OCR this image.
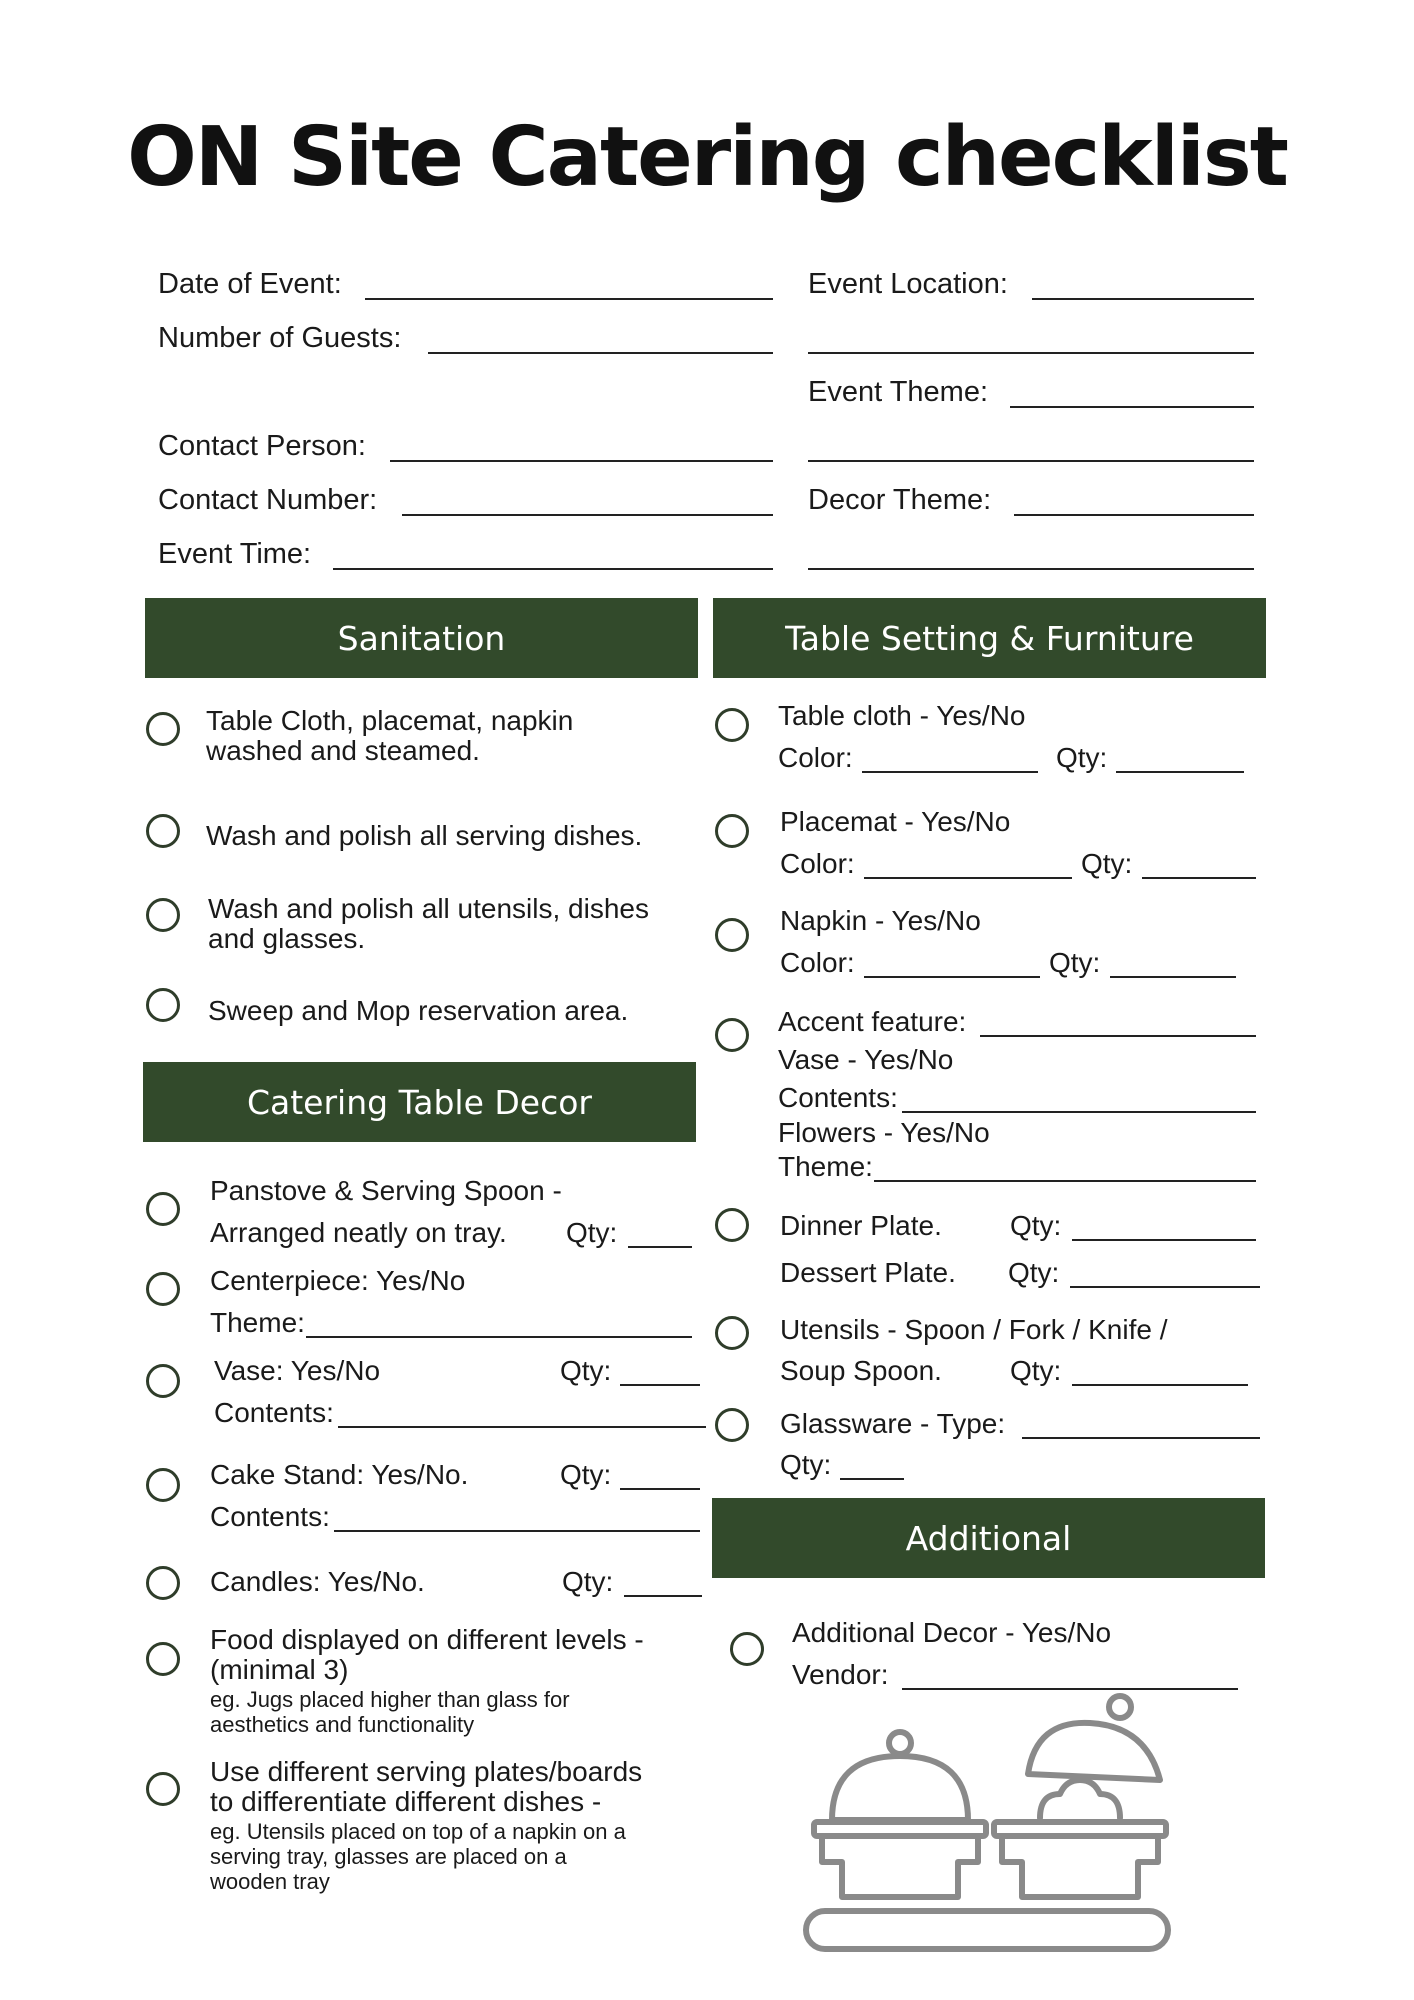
ON Site Catering checklist
Date of Event:
Number of Guests:
Contact Person:
Contact Number:
Event Time:
Event Location:
Event Theme:
Decor Theme:
Sanitation	Table Setting & Furniture
Catering Table Decor
Additional
Table Cloth, placemat, napkin
washed and steamed.
Wash and polish all serving dishes.
Wash and polish all utensils, dishes
and glasses.
Sweep and Mop reservation area.
Table cloth - Yes/No
Color:	Qty:
Placemat - Yes/No
Color:	Qty:
Napkin - Yes/No
Color:	Qty:
Accent feature:
Vase - Yes/No
Contents:
Flowers - Yes/No
Theme:
Dinner Plate. Qty:
Dessert Plate. Qty:
Utensils - Spoon / Fork / Knife /
Soup Spoon. Qty:
Glassware - Type:
Qty:
Panstove & Serving Spoon -
Arranged neatly on tray. Qty:
Centerpiece: Yes/No
Theme:
Vase: Yes/No	Qty:
Contents:
Cake Stand: Yes/No.	Qty:
Contents:
Candles: Yes/No.	Qty:
Food displayed on different levels -
(minimal 3)
eg. Jugs placed higher than glass for
aesthetics and functionality
Use different serving plates/boards
to differentiate different dishes -
eg. Utensils placed on top of a napkin on a
serving tray, glasses are placed on a
wooden tray
Additional Decor - Yes/No
Vendor:
